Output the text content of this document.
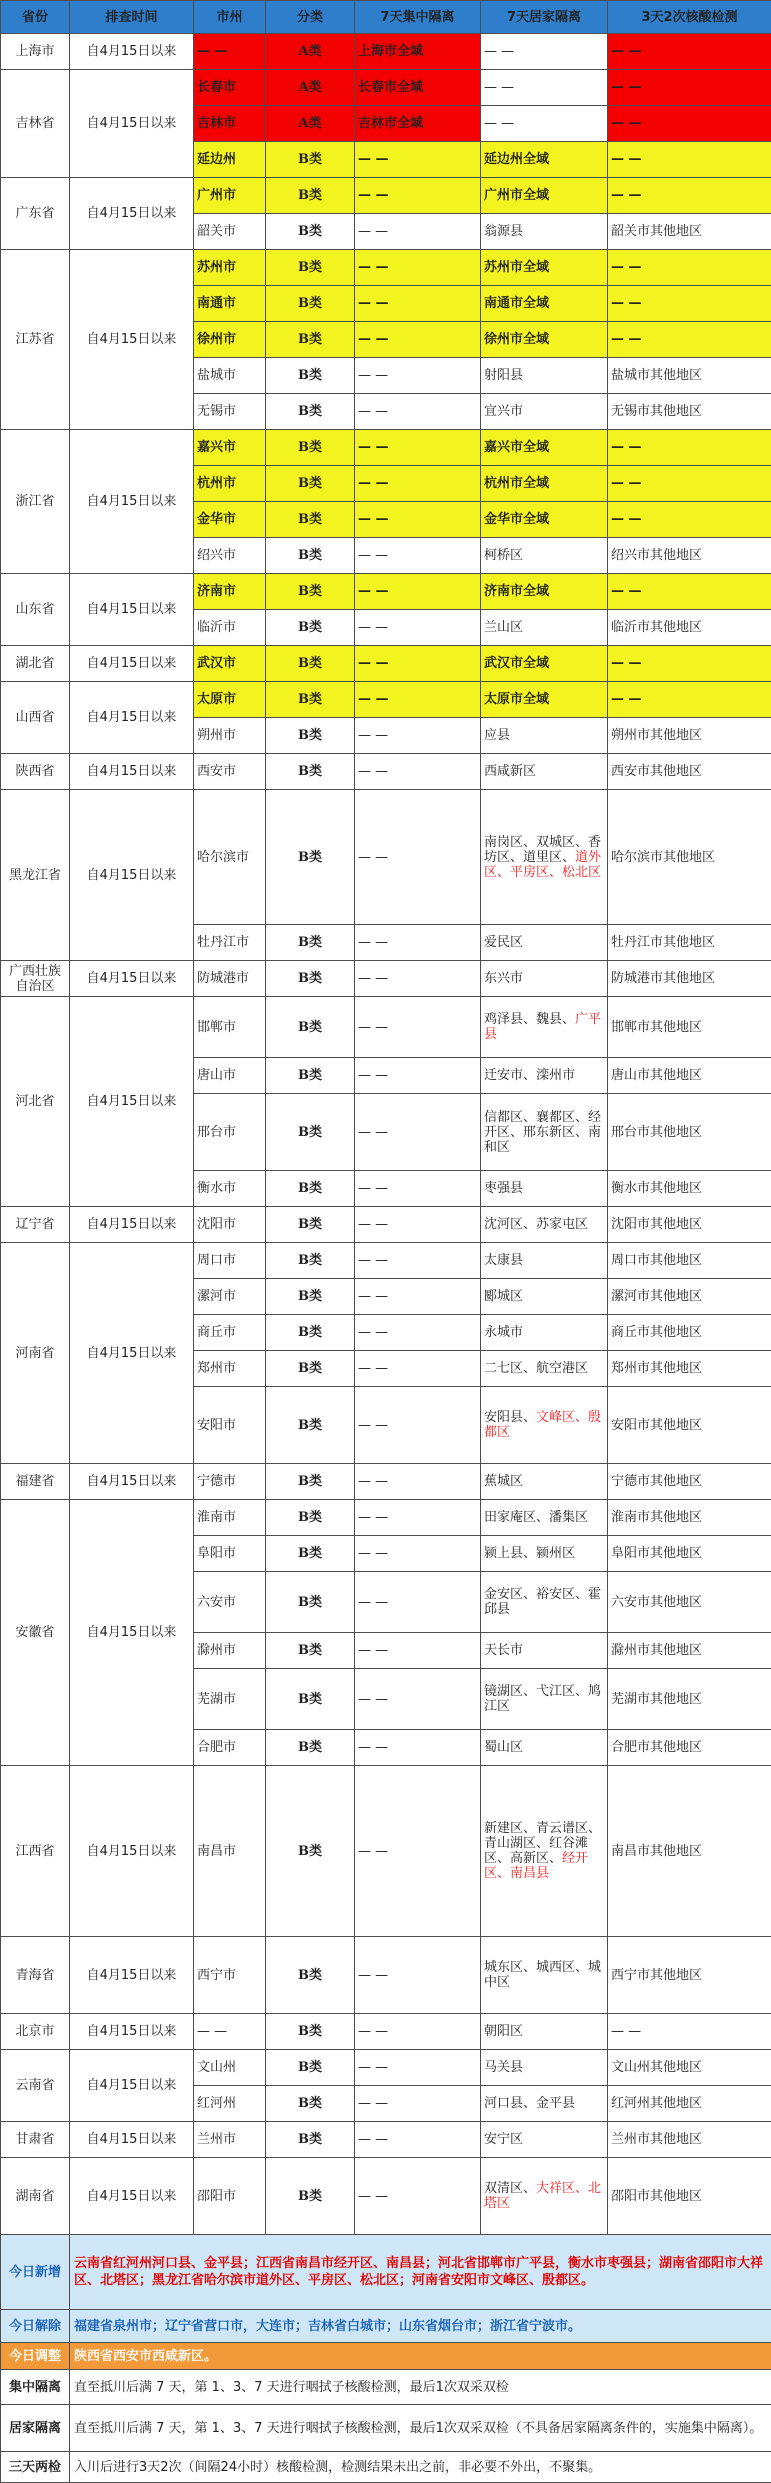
省份	排查时间	市州	分类	7天集中隔离	7天居家隔离	3天2次核酸检测
上海市	自4月15日以来	— —	A类	上海市全域	— —	— —
吉林省	自4月15日以来	长春市	A类	长春市全域	— —	— —
		吉林市	A类	吉林市全域	— —	— —
		延边州	B类	— —	延边州全域	— —
广东省	自4月15日以来	广州市	B类	— —	广州市全域	— —
		韶关市	B类	— —	翁源县	韶关市其他地区
江苏省	自4月15日以来	苏州市	B类	— —	苏州市全域	— —
		南通市	B类	— —	南通市全域	— —
		徐州市	B类	— —	徐州市全域	— —
		盐城市	B类	— —	射阳县	盐城市其他地区
		无锡市	B类	— —	宜兴市	无锡市其他地区
浙江省	自4月15日以来	嘉兴市	B类	— —	嘉兴市全域	— —
		杭州市	B类	— —	杭州市全域	— —
		金华市	B类	— —	金华市全域	— —
		绍兴市	B类	— —	柯桥区	绍兴市其他地区
山东省	自4月15日以来	济南市	B类	— —	济南市全域	— —
		临沂市	B类	— —	兰山区	临沂市其他地区
湖北省	自4月15日以来	武汉市	B类	— —	武汉市全域	— —
山西省	自4月15日以来	太原市	B类	— —	太原市全域	— —
		朔州市	B类	— —	应县	朔州市其他地区
陕西省	自4月15日以来	西安市	B类	— —	西咸新区	西安市其他地区
黑龙江省	自4月15日以来	哈尔滨市	B类	— —	南岗区、双城区、香坊区、道里区、道外区、平房区、松北区	哈尔滨市其他地区
		牡丹江市	B类	— —	爱民区	牡丹江市其他地区
广西壮族自治区	自4月15日以来	防城港市	B类	— —	东兴市	防城港市其他地区
河北省	自4月15日以来	邯郸市	B类	— —	鸡泽县、魏县、广平县	邯郸市其他地区
		唐山市	B类	— —	迁安市、滦州市	唐山市其他地区
		邢台市	B类	— —	信都区、襄都区、经开区、邢东新区、南和区	邢台市其他地区
		衡水市	B类	— —	枣强县	衡水市其他地区
辽宁省	自4月15日以来	沈阳市	B类	— —	沈河区、苏家屯区	沈阳市其他地区
河南省	自4月15日以来	周口市	B类	— —	太康县	周口市其他地区
		漯河市	B类	— —	郾城区	漯河市其他地区
		商丘市	B类	— —	永城市	商丘市其他地区
		郑州市	B类	— —	二七区、航空港区	郑州市其他地区
		安阳市	B类	— —	安阳县、文峰区、殷都区	安阳市其他地区
福建省	自4月15日以来	宁德市	B类	— —	蕉城区	宁德市其他地区
安徽省	自4月15日以来	淮南市	B类	— —	田家庵区、潘集区	淮南市其他地区
		阜阳市	B类	— —	颍上县、颍州区	阜阳市其他地区
		六安市	B类	— —	金安区、裕安区、霍邱县	六安市其他地区
		滁州市	B类	— —	天长市	滁州市其他地区
		芜湖市	B类	— —	镜湖区、弋江区、鸠江区	芜湖市其他地区
		合肥市	B类	— —	蜀山区	合肥市其他地区
江西省	自4月15日以来	南昌市	B类	— —	新建区、青云谱区、青山湖区、红谷滩区、高新区、经开区、南昌县	南昌市其他地区
青海省	自4月15日以来	西宁市	B类	— —	城东区、城西区、城中区	西宁市其他地区
北京市	自4月15日以来	— —	B类	— —	朝阳区	— —
云南省	自4月15日以来	文山州	B类	— —	马关县	文山州其他地区
		红河州	B类	— —	河口县、金平县	红河州其他地区
甘肃省	自4月15日以来	兰州市	B类	— —	安宁区	兰州市其他地区
湖南省	自4月15日以来	邵阳市	B类	— —	双清区、大祥区、北塔区	邵阳市其他地区
今日新增	云南省红河州河口县、金平县；江西省南昌市经开区、南昌县；河北省邯郸市广平县，衡水市枣强县；湖南省邵阳市大祥区、北塔区；黑龙江省哈尔滨市道外区、平房区、松北区；河南省安阳市文峰区、殷都区。					
今日解除	福建省泉州市；辽宁省营口市，大连市；吉林省白城市；山东省烟台市；浙江省宁波市。					
今日调整	陕西省西安市西咸新区。					
集中隔离	直至抵川后满 7 天，第 1、3、7 天进行咽拭子核酸检测，最后1次双采双检					
居家隔离	直至抵川后满 7 天，第 1、3、7 天进行咽拭子核酸检测，最后1次双采双检（不具备居家隔离条件的，实施集中隔离）。					
三天两检	入川后进行3天2次（间隔24小时）核酸检测，检测结果未出之前，非必要不外出，不聚集。					
